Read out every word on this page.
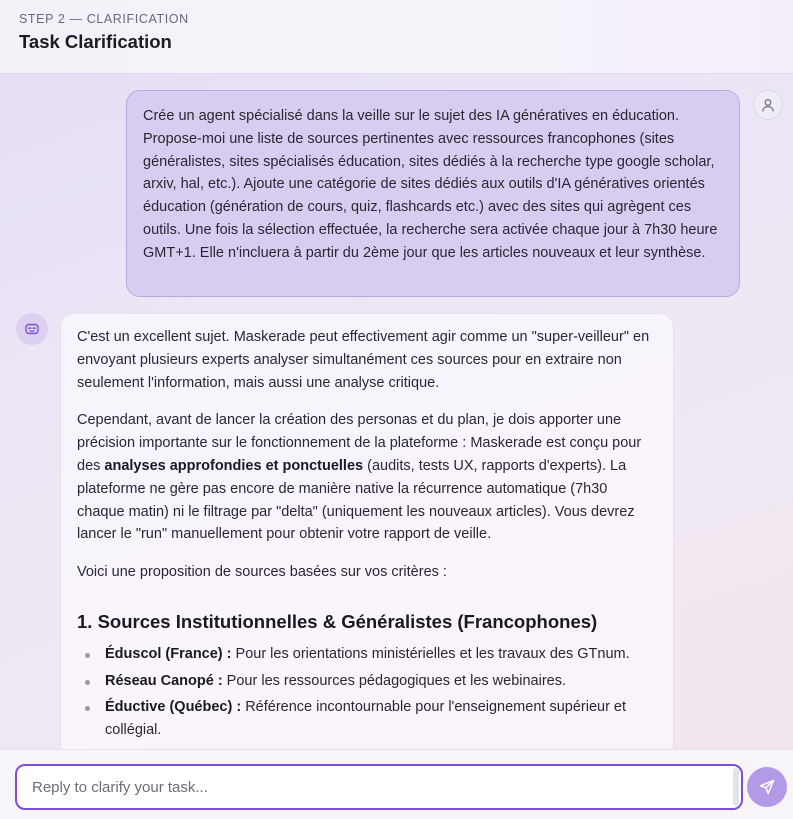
STEP 2 — CLARIFICATION
Task Clarification
Crée un agent spécialisé dans la veille sur le sujet des IA génératives en éducation. Propose-moi une liste de sources pertinentes avec ressources francophones (sites généralistes, sites spécialisés éducation, sites dédiés à la recherche type google scholar, arxiv, hal, etc.). Ajoute une catégorie de sites dédiés aux outils d'IA génératives orientés éducation (génération de cours, quiz, flashcards etc.) avec des sites qui agrègent ces outils. Une fois la sélection effectuée, la recherche sera activée chaque jour à 7h30 heure GMT+1. Elle n'incluera à partir du 2ème jour que les articles nouveaux et leur synthèse.

C'est un excellent sujet. Maskerade peut effectivement agir comme un "super-veilleur" en envoyant plusieurs experts analyser simultanément ces sources pour en extraire non seulement l'information, mais aussi une analyse critique.

Cependant, avant de lancer la création des personas et du plan, je dois apporter une précision importante sur le fonctionnement de la plateforme : Maskerade est conçu pour des analyses approfondies et ponctuelles (audits, tests UX, rapports d'experts). La plateforme ne gère pas encore de manière native la récurrence automatique (7h30 chaque matin) ni le filtrage par "delta" (uniquement les nouveaux articles). Vous devrez lancer le "run" manuellement pour obtenir votre rapport de veille.

Voici une proposition de sources basées sur vos critères :

1. Sources Institutionnelles & Généralistes (Francophones)
Éduscol (France) : Pour les orientations ministérielles et les travaux des GTnum.
Réseau Canopé : Pour les ressources pédagogiques et les webinaires.
Éductive (Québec) : Référence incontournable pour l'enseignement supérieur et collégial.
Reply to clarify your task...
